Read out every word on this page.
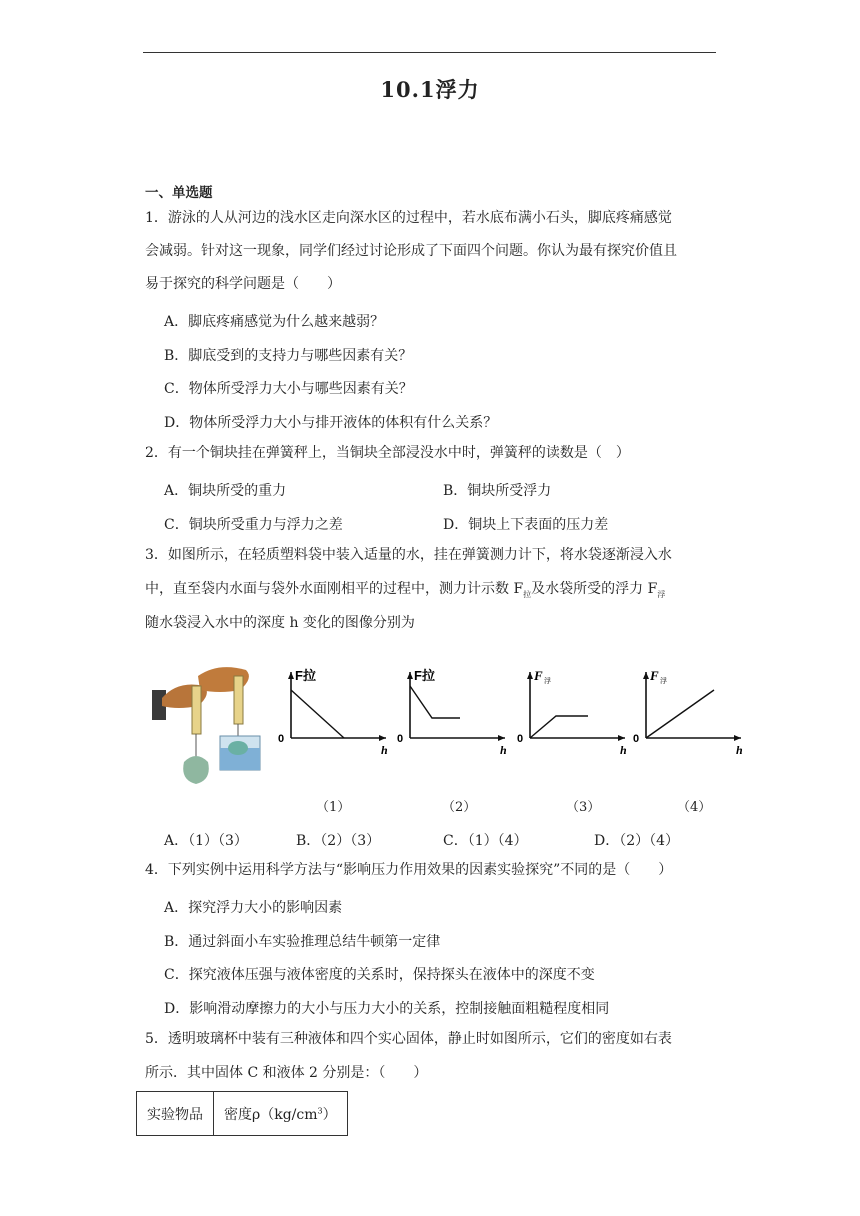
10.1浮力
一、单选题
1．游泳的人从河边的浅水区走向深水区的过程中，若水底布满小石头，脚底疼痛感觉
会减弱。针对这一现象，同学们经过讨论形成了下面四个问题。你认为最有探究价值且
易于探究的科学问题是（　　）
A．脚底疼痛感觉为什么越来越弱？
B．脚底受到的支持力与哪些因素有关？
C．物体所受浮力大小与哪些因素有关？
D．物体所受浮力大小与排开液体的体积有什么关系？
2．有一个铜块挂在弹簧秤上，当铜块全部浸没水中时，弹簧秤的读数是（　）
A．铜块所受的重力	B．铜块所受浮力
C．铜块所受重力与浮力之差	D．铜块上下表面的压力差
3．如图所示，在轻质塑料袋中装入适量的水，挂在弹簧测力计下，将水袋逐渐浸入水
中，直至袋内水面与袋外水面刚相平的过程中，测力计示数 $F_拉$及水袋所受的浮力 $F_浮$
随水袋浸入水中的深度 h 变化的图像分别为
0
h
F拉
0
h
F拉
0
h
F 浮
0
h
F 浮
（1）	（2）	（3）	（4）
A．（1）（3）	B．（2）（3）	C．（1）（4）	D．（2）（4）
4．下列实例中运用科学方法与“影响压力作用效果的因素实验探究”不同的是（　　）
A．探究浮力大小的影响因素
B．通过斜面小车实验推理总结牛顿第一定律
C．探究液体压强与液体密度的关系时，保持探头在液体中的深度不变
D．影响滑动摩擦力的大小与压力大小的关系，控制接触面粗糙程度相同
5．透明玻璃杯中装有三种液体和四个实心固体，静止时如图所示，它们的密度如右表
所示．其中固体 C 和液体 2 分别是：（　　）
实验物品	密度$\rho(kg/cm^3)$
